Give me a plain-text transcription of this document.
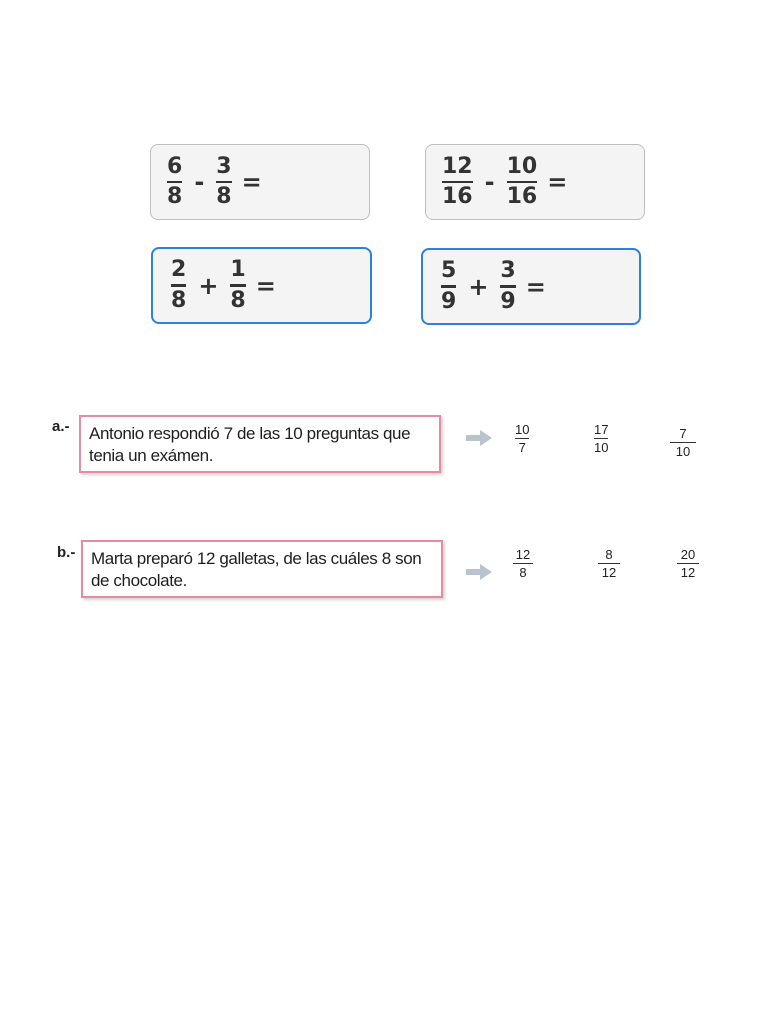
$\frac{6}{8} - \frac{3}{8}$ =	$\frac{12}{16} - \frac{10}{16}$ =
$\frac{2}{8} + \frac{1}{8}$ =	$\frac{5}{9} + \frac{3}{9}$ =
a.-	Antonio respondió 7 de las 10 preguntas que tenia un exámen.
10
7
17
10
7
10
b.- Marta preparó 12 galletas, de las cuáles 8 son de chocolate.
12
8
8
12
20
12
